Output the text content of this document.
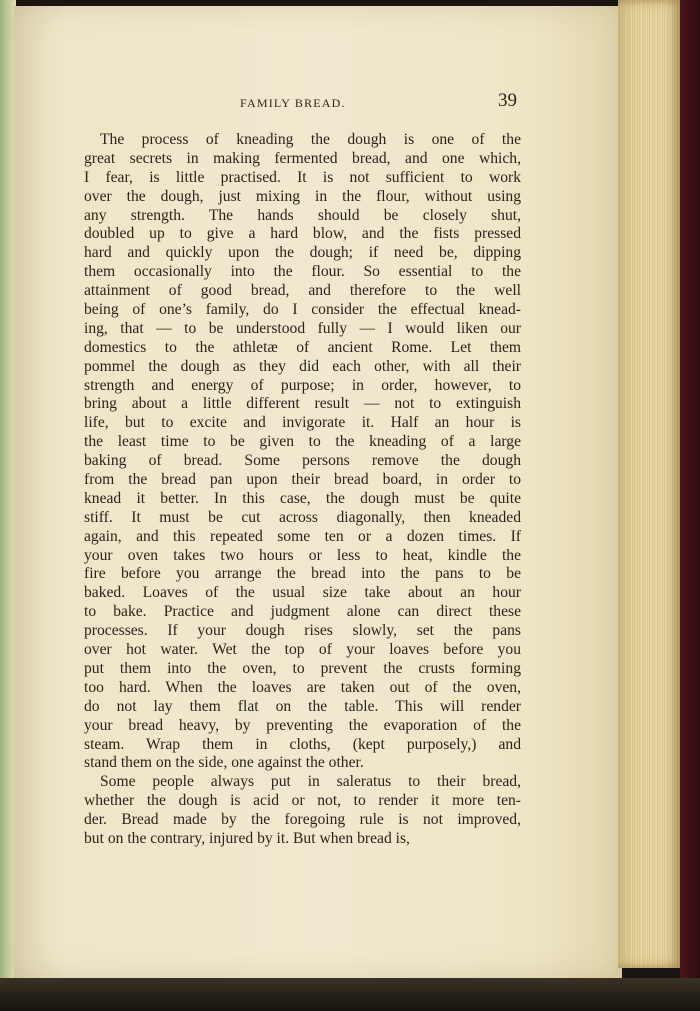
FAMILY BREAD.	39
The process of kneading the dough is one of the
great secrets in making fermented bread, and one which,
I fear, is little practised. It is not sufficient to work
over the dough, just mixing in the flour, without using
any strength. The hands should be closely shut,
doubled up to give a hard blow, and the fists pressed
hard and quickly upon the dough; if need be, dipping
them occasionally into the flour. So essential to the
attainment of good bread, and therefore to the well
being of one’s family, do I consider the effectual knead-
ing, that — to be understood fully — I would liken our
domestics to the athletæ of ancient Rome. Let them
pommel the dough as they did each other, with all their
strength and energy of purpose; in order, however, to
bring about a little different result — not to extinguish
life, but to excite and invigorate it. Half an hour is
the least time to be given to the kneading of a large
baking of bread. Some persons remove the dough
from the bread pan upon their bread board, in order to
knead it better. In this case, the dough must be quite
stiff. It must be cut across diagonally, then kneaded
again, and this repeated some ten or a dozen times. If
your oven takes two hours or less to heat, kindle the
fire before you arrange the bread into the pans to be
baked. Loaves of the usual size take about an hour
to bake. Practice and judgment alone can direct these
processes. If your dough rises slowly, set the pans
over hot water. Wet the top of your loaves before you
put them into the oven, to prevent the crusts forming
too hard. When the loaves are taken out of the oven,
do not lay them flat on the table. This will render
your bread heavy, by preventing the evaporation of the
steam. Wrap them in cloths, (kept purposely,) and
stand them on the side, one against the other.
Some people always put in saleratus to their bread,
whether the dough is acid or not, to render it more ten-
der. Bread made by the foregoing rule is not improved,
but on the contrary, injured by it. But when bread is,
